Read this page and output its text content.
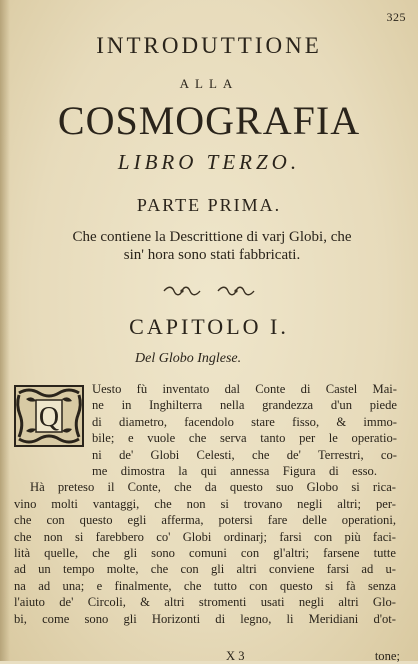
325
INTRODUTTIONE
ALLA
COSMOGRAFIA
LIBRO TERZO.
PARTE PRIMA.
Che contiene la Descrittione di varj Globi, che
sin' hora sono stati fabbricati.
CAPITOLO I.
Del Globo Inglese.
Q
Uesto fù inventato dal Conte di Castel Mai-
ne in Inghilterra nella grandezza d'un piede
di diametro, facendolo stare fisso, & immo-
bile; e vuole che serva tanto per le operatio-
ni de' Globi Celesti, che de' Terrestri, co-
me dimostra la qui annessa Figura di esso.
Hà preteso il Conte, che da questo suo Globo si rica-
vino molti vantaggi, che non si trovano negli altri; per-
che con questo egli afferma, potersi fare delle operationi,
che non si farebbero co' Globi ordinarj; farsi con più faci-
lità quelle, che gli sono comuni con gl'altri; farsene tutte
ad un tempo molte, che con gli altri conviene farsi ad u-
na ad una; e finalmente, che tutto con questo si fà senza
l'aiuto de' Circoli, & altri stromenti usati negli altri Glo-
bi, come sono gli Horizonti di legno, li Meridiani d'ot-
X 3	tone;
